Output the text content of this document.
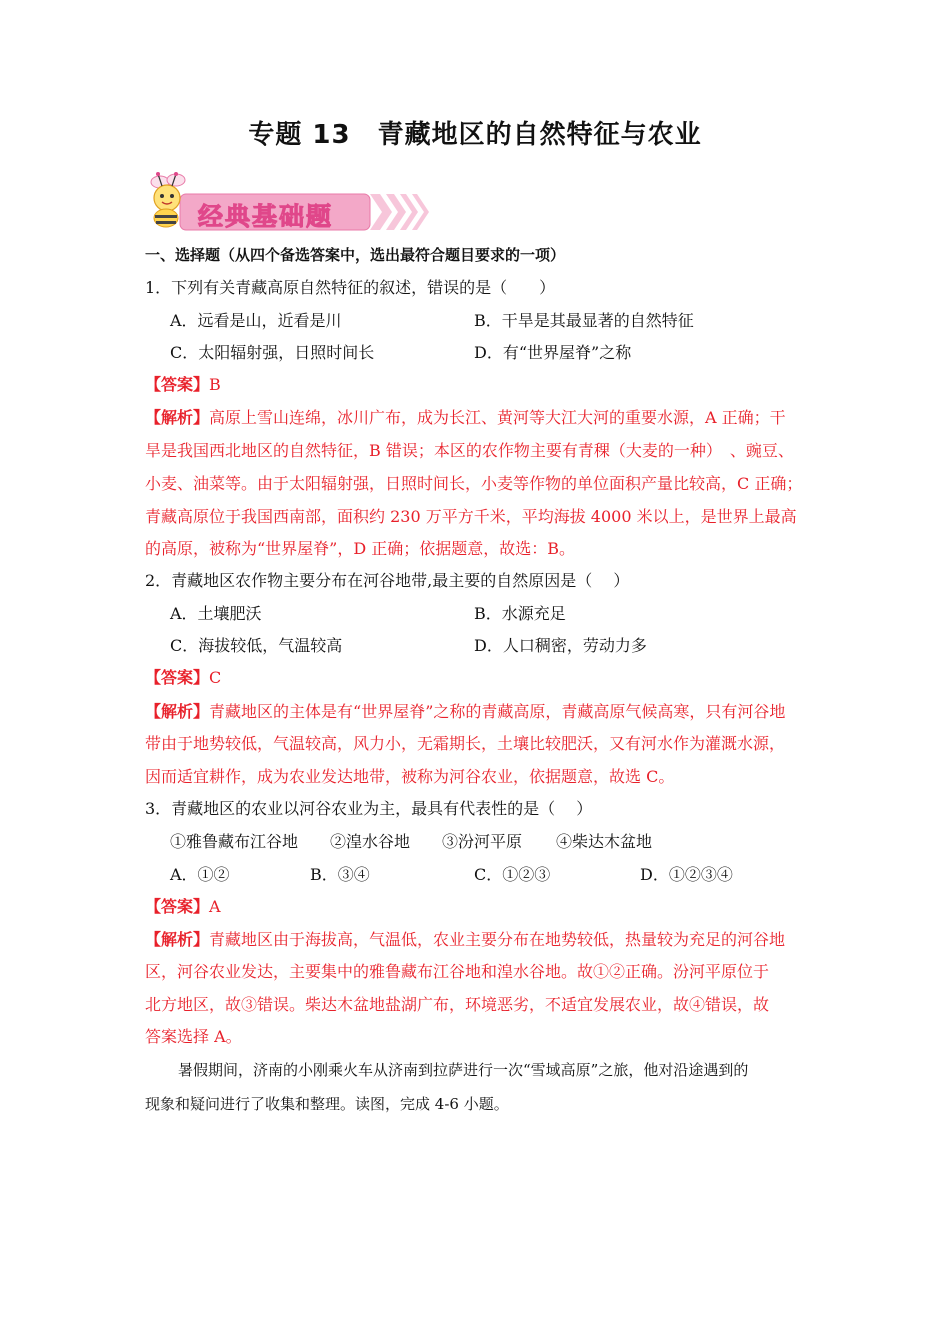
专题 13　青藏地区的自然特征与农业
经典基础题
一、选择题（从四个备选答案中，选出最符合题目要求的一项）
1．下列有关青藏高原自然特征的叙述，错误的是（　　）
A．远看是山，近看是川	B．干旱是其最显著的自然特征
C．太阳辐射强，日照时间长	D．有“世界屋脊”之称
【答案】B
【解析】高原上雪山连绵，冰川广布，成为长江、黄河等大江大河的重要水源，A 正确；干
旱是我国西北地区的自然特征，B 错误；本区的农作物主要有青稞（大麦的一种）　、豌豆、
小麦、油菜等。由于太阳辐射强，日照时间长，小麦等作物的单位面积产量比较高，C 正确；
青藏高原位于我国西南部，面积约 230 万平方千米，平均海拔 4000 米以上，是世界上最高
的高原，被称为“世界屋脊”，D 正确；依据题意，故选：B。
2．青藏地区农作物主要分布在河谷地带,最主要的自然原因是（　 ）
A．土壤肥沃	B．水源充足
C．海拔较低，气温较高	D．人口稠密，劳动力多
【答案】C
【解析】青藏地区的主体是有“世界屋脊”之称的青藏高原，青藏高原气候高寒，只有河谷地
带由于地势较低，气温较高，风力小，无霜期长，土壤比较肥沃，又有河水作为灌溉水源，
因而适宜耕作，成为农业发达地带，被称为河谷农业，依据题意，故选 C。
3．青藏地区的农业以河谷农业为主，最具有代表性的是（　 ）
①雅鲁藏布江谷地 ②湟水谷地 ③汾河平原 ④柴达木盆地
A．①②	B．③④	C．①②③	D．①②③④
【答案】A
【解析】青藏地区由于海拔高，气温低，农业主要分布在地势较低，热量较为充足的河谷地
区，河谷农业发达，主要集中的雅鲁藏布江谷地和湟水谷地。故①②正确。汾河平原位于
北方地区，故③错误。柴达木盆地盐湖广布，环境恶劣，不适宜发展农业，故④错误，故
答案选择 A。
暑假期间，济南的小刚乘火车从济南到拉萨进行一次“雪域高原”之旅，他对沿途遇到的
现象和疑问进行了收集和整理。读图，完成 4-6 小题。
